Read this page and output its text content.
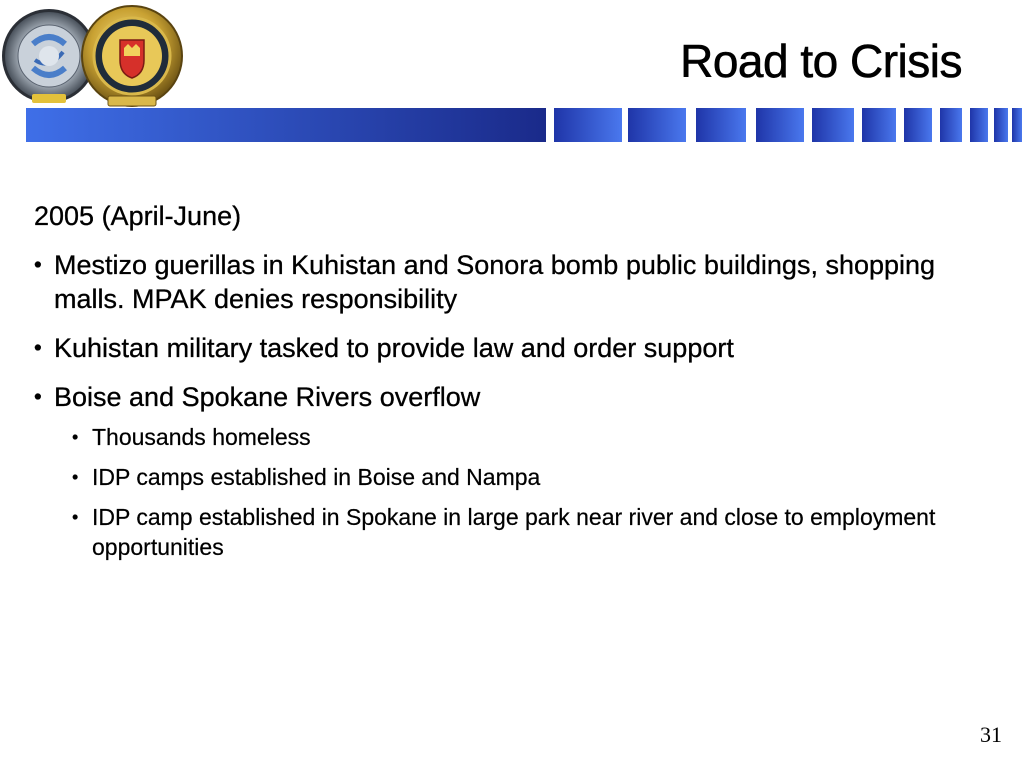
Road to Crisis

2005 (April-June)

• Mestizo guerillas in Kuhistan and Sonora bomb public buildings, shopping malls. MPAK denies responsibility
• Kuhistan military tasked to provide law and order support
• Boise and Spokane Rivers overflow
• Thousands homeless
• IDP camps established in Boise and Nampa
• IDP camp established in Spokane in large park near river and close to employment opportunities

31
